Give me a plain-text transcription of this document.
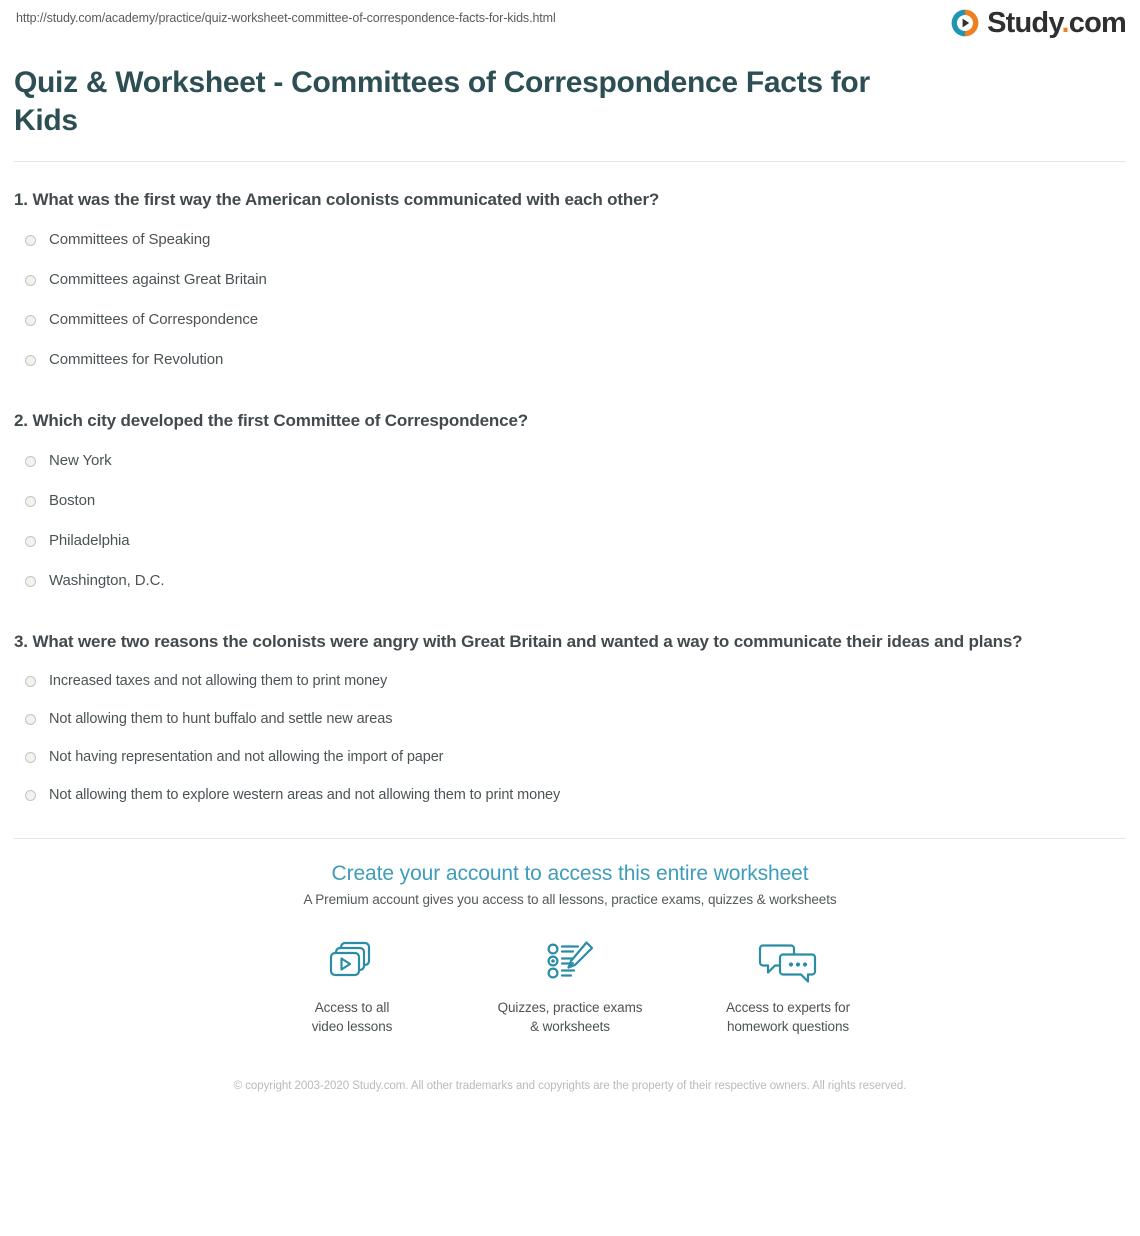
http://study.com/academy/practice/quiz-worksheet-committee-of-correspondence-facts-for-kids.html	Study.com
Quiz & Worksheet - Committees of Correspondence Facts for Kids

1. What was the first way the American colonists communicated with each other?

Committees of Speaking
Committees against Great Britain
Committees of Correspondence
Committees for Revolution

2. Which city developed the first Committee of Correspondence?

New York
Boston
Philadelphia
Washington, D.C.

3. What were two reasons the colonists were angry with Great Britain and wanted a way to communicate their ideas and plans?

Increased taxes and not allowing them to print money
Not allowing them to hunt buffalo and settle new areas
Not having representation and not allowing the import of paper
Not allowing them to explore western areas and not allowing them to print money
Create your account to access this entire worksheet
A Premium account gives you access to all lessons, practice exams, quizzes & worksheets
Access to all
video lessons
Quizzes, practice exams
& worksheets
Access to experts for
homework questions
© copyright 2003-2020 Study.com. All other trademarks and copyrights are the property of their respective owners. All rights reserved.
